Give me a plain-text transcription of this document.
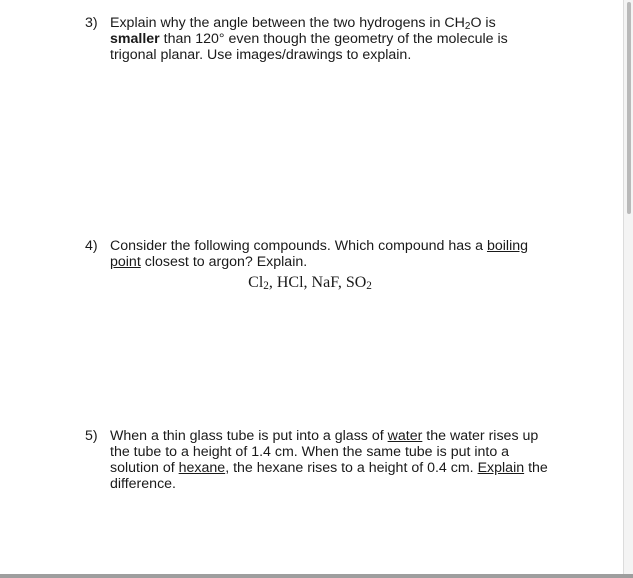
3) Explain why the angle between the two hydrogens in $CH_2O$ is
smaller than 120° even though the geometry of the molecule is
trigonal planar. Use images/drawings to explain.
4) Consider the following compounds. Which compound has a boiling
point closest to argon? Explain.
$Cl_2$, HCl, NaF, $SO_2$
5) When a thin glass tube is put into a glass of water the water rises up
the tube to a height of 1.4 cm. When the same tube is put into a
solution of hexane, the hexane rises to a height of 0.4 cm. Explain the
difference.
